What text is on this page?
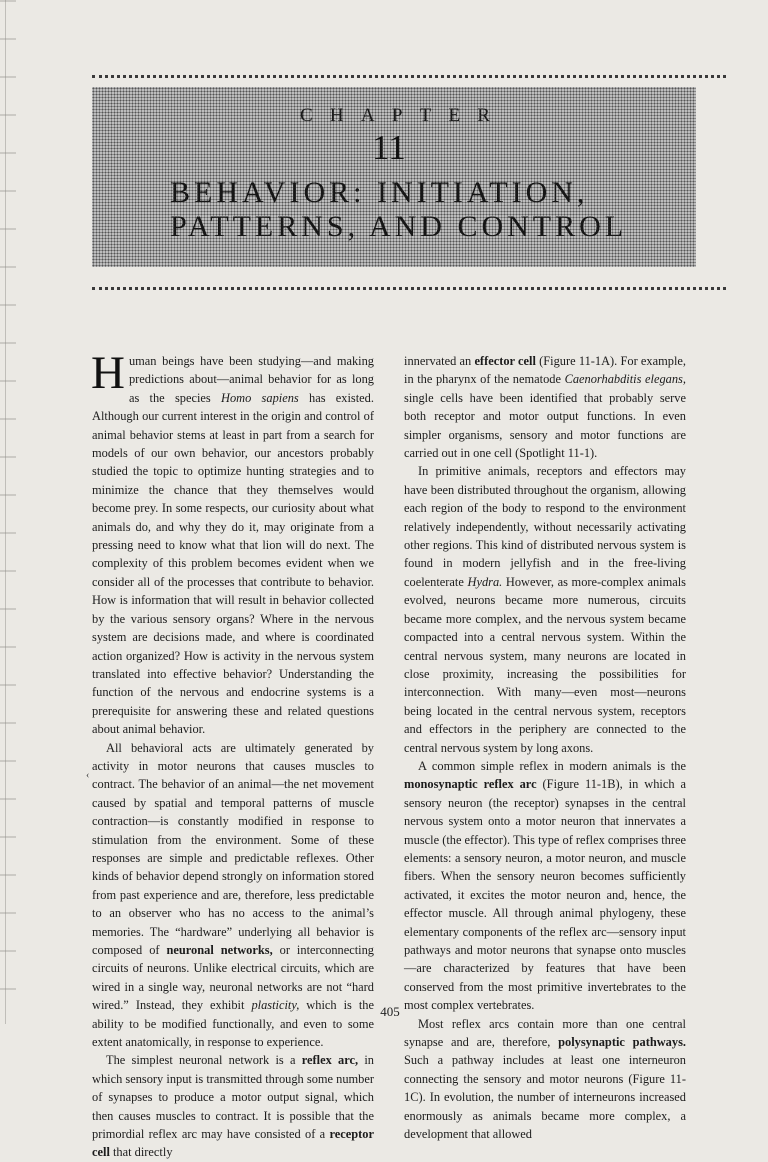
C H A P T E R
11
BEHAVIOR: INITIATION,
PATTERNS, AND CONTROL

Human beings have been studying—and making predictions about—animal behavior for as long as the species Homo sapiens has existed. Although our current interest in the origin and control of animal behavior stems at least in part from a search for models of our own behavior, our ancestors probably studied the topic to optimize hunting strategies and to minimize the chance that they themselves would become prey. In some respects, our curiosity about what animals do, and why they do it, may originate from a pressing need to know what that lion will do next. The complexity of this problem becomes evident when we consider all of the processes that contribute to behavior. How is information that will result in behavior collected by the various sensory organs? Where in the nervous system are decisions made, and where is coordinated action organized? How is activity in the nervous system translated into effective behavior? Understanding the function of the nervous and endocrine systems is a prerequisite for answering these and related questions about animal behavior.

All behavioral acts are ultimately generated by activity in motor neurons that causes muscles to contract. The behavior of an animal—the net movement caused by spatial and temporal patterns of muscle contraction—is constantly modified in response to stimulation from the environment. Some of these responses are simple and predictable reflexes. Other kinds of behavior depend strongly on information stored from past experience and are, therefore, less predictable to an observer who has no access to the animal’s memories. The “hardware” underlying all behavior is composed of neuronal networks, or interconnecting circuits of neurons. Unlike electrical circuits, which are wired in a single way, neuronal networks are not “hard wired.” Instead, they exhibit plasticity, which is the ability to be modified functionally, and even to some extent anatomically, in response to experience.

The simplest neuronal network is a reflex arc, in which sensory input is transmitted through some number of synapses to produce a motor output signal, which then causes muscles to contract. It is possible that the primordial reflex arc may have consisted of a receptor cell that directly

innervated an effector cell (Figure 11-1A). For example, in the pharynx of the nematode Caenorhabditis elegans, single cells have been identified that probably serve both receptor and motor output functions. In even simpler organisms, sensory and motor functions are carried out in one cell (Spotlight 11-1).

In primitive animals, receptors and effectors may have been distributed throughout the organism, allowing each region of the body to respond to the environment relatively independently, without necessarily activating other regions. This kind of distributed nervous system is found in modern jellyfish and in the free-living coelenterate Hydra. However, as more-complex animals evolved, neurons became more numerous, circuits became more complex, and the nervous system became compacted into a central nervous system. Within the central nervous system, many neurons are located in close proximity, increasing the possibilities for interconnection. With many—even most—neurons being located in the central nervous system, receptors and effectors in the periphery are connected to the central nervous system by long axons.

A common simple reflex in modern animals is the monosynaptic reflex arc (Figure 11-1B), in which a sensory neuron (the receptor) synapses in the central nervous system onto a motor neuron that innervates a muscle (the effector). This type of reflex comprises three elements: a sensory neuron, a motor neuron, and muscle fibers. When the sensory neuron becomes sufficiently activated, it excites the motor neuron and, hence, the effector muscle. All through animal phylogeny, these elementary components of the reflex arc—sensory input pathways and motor neurons that synapse onto muscles—are characterized by features that have been conserved from the most primitive invertebrates to the most complex vertebrates.

Most reflex arcs contain more than one central synapse and are, therefore, polysynaptic pathways. Such a pathway includes at least one interneuron connecting the sensory and motor neurons (Figure 11-1C). In evolution, the number of interneurons increased enormously as animals became more complex, a development that allowed

‹
405
